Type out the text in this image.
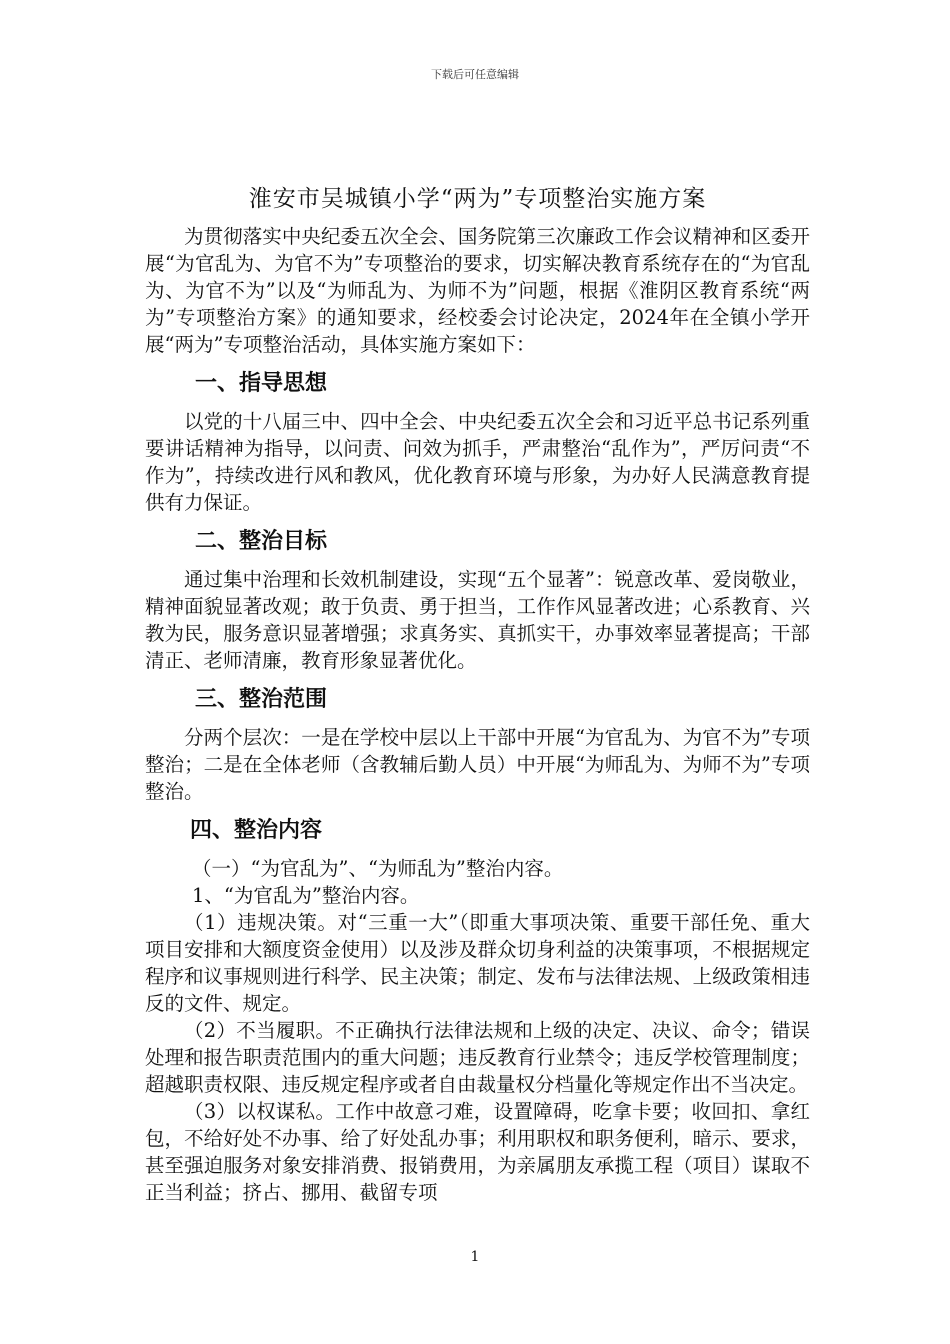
下载后可任意编辑
淮安市吴城镇小学“两为”专项整治实施方案

为贯彻落实中央纪委五次全会、国务院第三次廉政工作会议精神和区委开展“为官乱为、为官不为”专项整治的要求，切实解决教育系统存在的“为官乱为、为官不为”以及“为师乱为、为师不为”问题，根据《淮阴区教育系统“两为”专项整治方案》的通知要求，经校委会讨论决定，2024年在全镇小学开展“两为”专项整治活动，具体实施方案如下：

一、指导思想

以党的十八届三中、四中全会、中央纪委五次全会和习近平总书记系列重要讲话精神为指导，以问责、问效为抓手，严肃整治“乱作为”，严厉问责“不作为”，持续改进行风和教风，优化教育环境与形象，为办好人民满意教育提供有力保证。

二、整治目标

通过集中治理和长效机制建设，实现“五个显著”：锐意改革、爱岗敬业，精神面貌显著改观；敢于负责、勇于担当，工作作风显著改进；心系教育、兴教为民，服务意识显著增强；求真务实、真抓实干，办事效率显著提高；干部清正、老师清廉，教育形象显著优化。

三、整治范围

分两个层次：一是在学校中层以上干部中开展“为官乱为、为官不为”专项整治；二是在全体老师（含教辅后勤人员）中开展“为师乱为、为师不为”专项整治。

四、整治内容

（一）“为官乱为”、“为师乱为”整治内容。

1、“为官乱为”整治内容。

（1）违规决策。对“三重一大”（即重大事项决策、重要干部任免、重大项目安排和大额度资金使用）以及涉及群众切身利益的决策事项，不根据规定程序和议事规则进行科学、民主决策；制定、发布与法律法规、上级政策相违反的文件、规定。

（2）不当履职。不正确执行法律法规和上级的决定、决议、命令；错误处理和报告职责范围内的重大问题；违反教育行业禁令；违反学校管理制度；超越职责权限、违反规定程序或者自由裁量权分档量化等规定作出不当决定。

（3）以权谋私。工作中故意刁难，设置障碍，吃拿卡要；收回扣、拿红包，不给好处不办事、给了好处乱办事；利用职权和职务便利，暗示、要求，甚至强迫服务对象安排消费、报销费用，为亲属朋友承揽工程（项目）谋取不正当利益；挤占、挪用、截留专项

1
